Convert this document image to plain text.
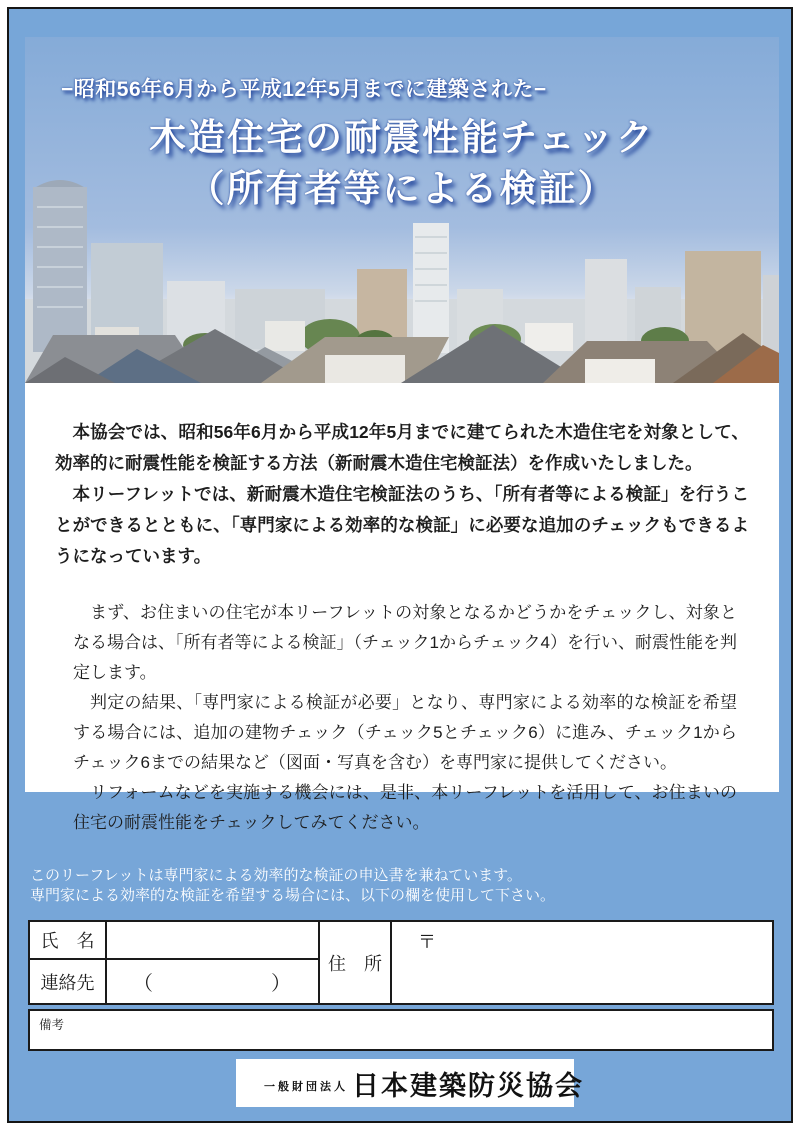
−昭和56年6月から平成12年5月までに建築された−
木造住宅の耐震性能チェック
（所有者等による検証）

本協会では、昭和56年6月から平成12年5月までに建てられた木造住宅を対象として、効率的に耐震性能を検証する方法（新耐震木造住宅検証法）を作成いたしました。

本リーフレットでは、新耐震木造住宅検証法のうち、「所有者等による検証」を行うことができるとともに、「専門家による効率的な検証」に必要な追加のチェックもできるようになっています。

まず、お住まいの住宅が本リーフレットの対象となるかどうかをチェックし、対象となる場合は、「所有者等による検証」（チェック1からチェック4）を行い、耐震性能を判定します。

判定の結果、「専門家による検証が必要」となり、専門家による効率的な検証を希望する場合には、追加の建物チェック（チェック5とチェック6）に進み、チェック1からチェック6までの結果など（図面・写真を含む）を専門家に提供してください。

リフォームなどを実施する機会には、是非、本リーフレットを活用して、お住まいの住宅の耐震性能をチェックしてみてください。

このリーフレットは専門家による効率的な検証の申込書を兼ねています。
専門家による効率的な検証を希望する場合には、以下の欄を使用して下さい。
氏　名		住　所	〒
連絡先	（　　）		
備考
一般財団法人 日本建築防災協会
